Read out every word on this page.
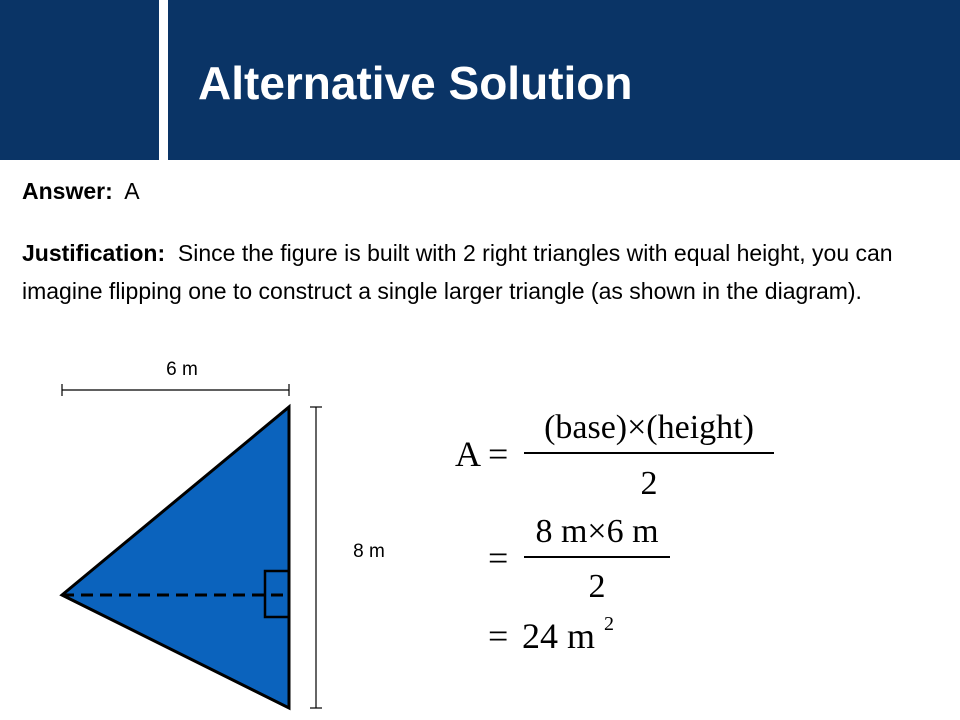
Alternative Solution
Answer: A
Justification: Since the figure is built with 2 right triangles with equal height, you can imagine flipping one to construct a single larger triangle (as shown in the diagram).
6 m
8 m
A =
(base)×(height)
2
=
8 m×6 m
2
= 24 m 2
